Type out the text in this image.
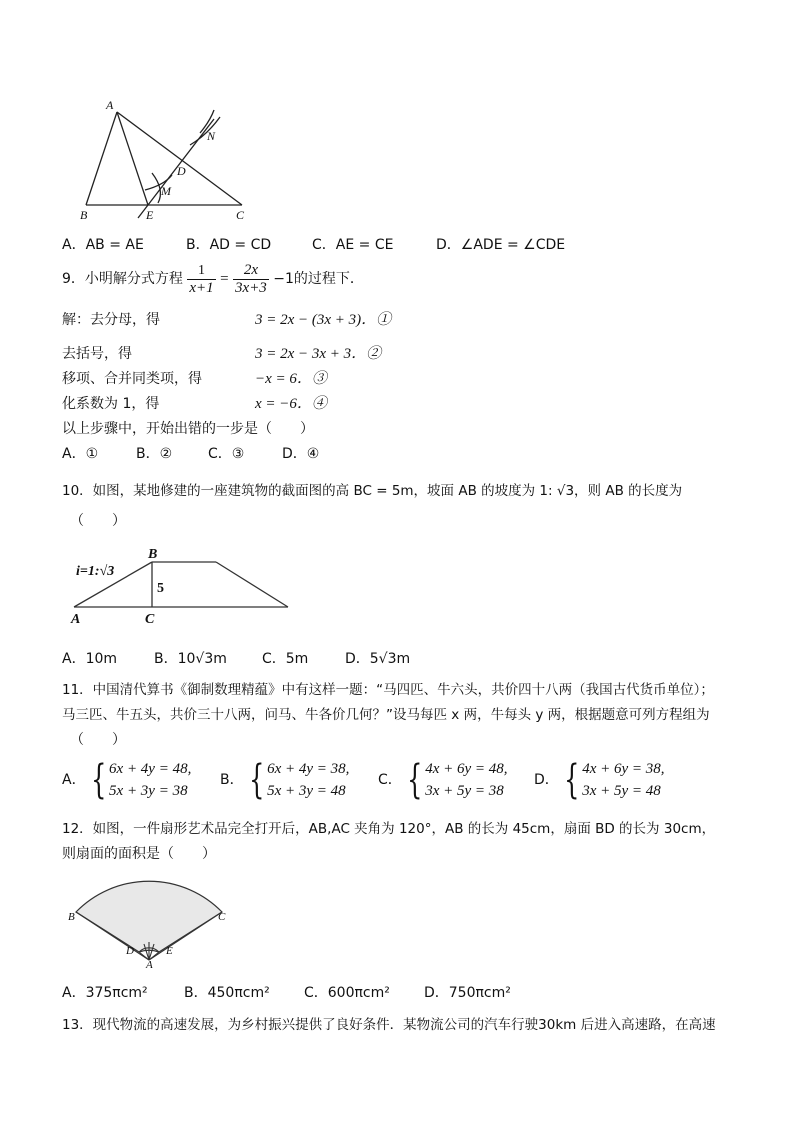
A
B	C
D
E
M
N
A．AB = AE	B．AD = CD	C．AE = CE	D．∠ADE = ∠CDE
9．小明解分式方程 $\frac{1}{x+1} = \frac{2x}{3x+3} -1$的过程下．
解：去分母，得	3 = 2x − (3x + 3)．①
去括号，得	3 = 2x − 3x + 3．②
移项、合并同类项，得	−x = 6．③
化系数为 1，得	x = −6．④
以上步骤中，开始出错的一步是（　　）
A．①	B．②	C．③	D．④
10．如图，某地修建的一座建筑物的截面图的高 BC = 5m，坡面 AB 的坡度为 1: √3，则 AB 的长度为
（　　）
i=1:√3
5
A
B
C
A．10m	B．10√3m	C．5m	D．5√3m
11．中国清代算书《御制数理精蕴》中有这样一题：“马四匹、牛六头，共价四十八两（我国古代货币单位）；
马三匹、牛五头，共价三十八两，问马、牛各价几何？”设马每匹 x 两，牛每头 y 两，根据题意可列方程组为
（　　）
A． { 6x + 4y = 48,
5x + 3y = 38
B． { 6x + 4y = 38,
5x + 3y = 48
C． { 4x + 6y = 48,
3x + 5y = 38
D． { 4x + 6y = 38,
3x + 5y = 48
12．如图，一件扇形艺术品完全打开后，AB,AC 夹角为 120°，AB 的长为 45cm，扇面 BD 的长为 30cm，
则扇面的面积是（　　）
B	C
D	E
A
A．375πcm²	B．450πcm² C．600πcm² D．750πcm²
13．现代物流的高速发展，为乡村振兴提供了良好条件．某物流公司的汽车行驶30km 后进入高速路，在高速
